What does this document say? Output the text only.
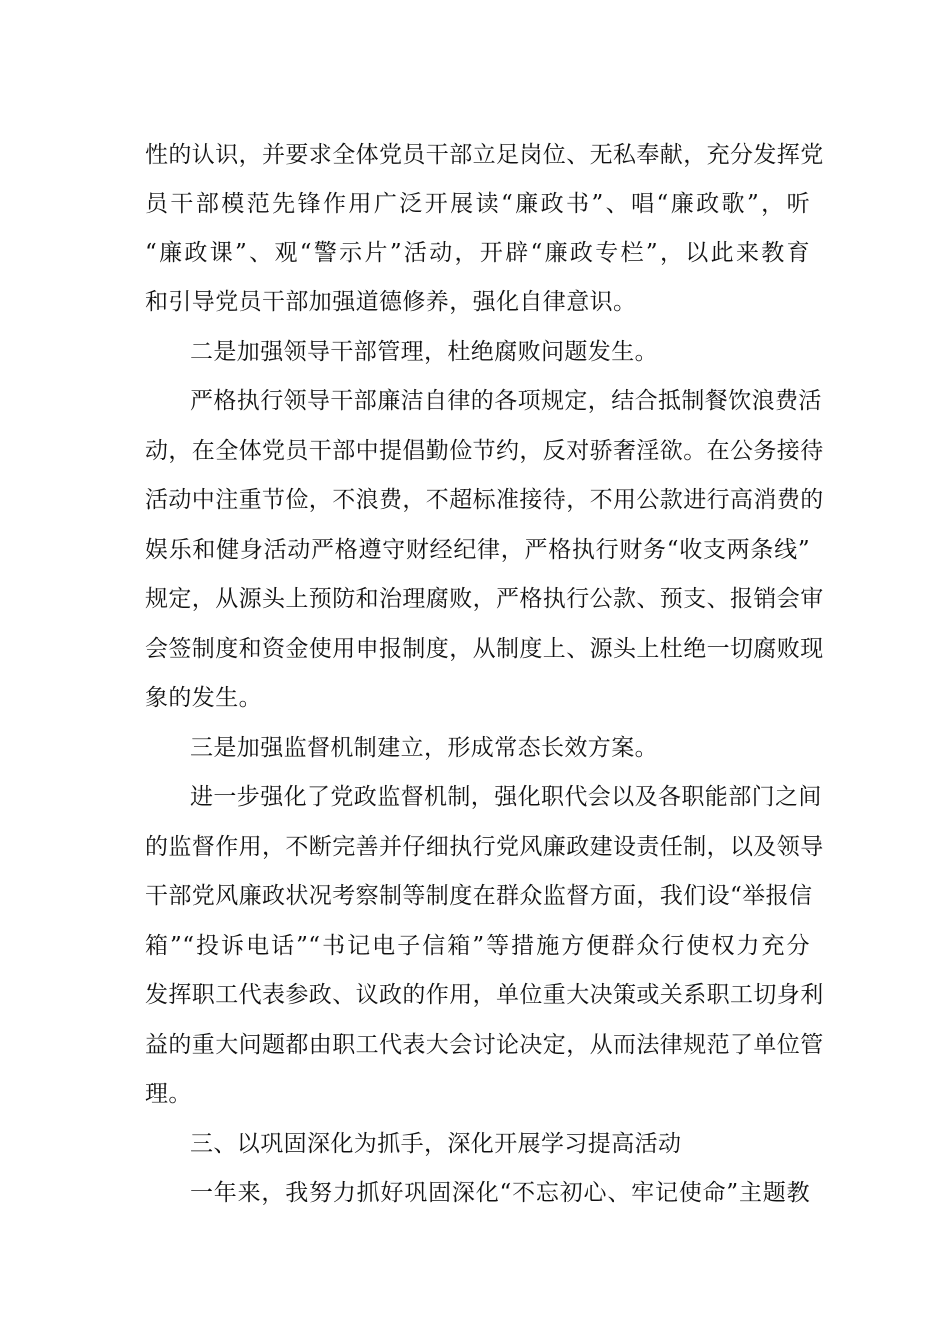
性的认识，并要求全体党员干部立足岗位、无私奉献，充分发挥党
员干部模范先锋作用广泛开展读“廉政书”、唱“廉政歌”，听
“廉政课”、观“警示片”活动，开辟“廉政专栏”，以此来教育
和引导党员干部加强道德修养，强化自律意识。
二是加强领导干部管理，杜绝腐败问题发生。
严格执行领导干部廉洁自律的各项规定，结合抵制餐饮浪费活
动，在全体党员干部中提倡勤俭节约，反对骄奢淫欲。在公务接待
活动中注重节俭，不浪费，不超标准接待，不用公款进行高消费的
娱乐和健身活动严格遵守财经纪律，严格执行财务“收支两条线”
规定，从源头上预防和治理腐败，严格执行公款、预支、报销会审
会签制度和资金使用申报制度，从制度上、源头上杜绝一切腐败现
象的发生。
三是加强监督机制建立，形成常态长效方案。
进一步强化了党政监督机制，强化职代会以及各职能部门之间
的监督作用，不断完善并仔细执行党风廉政建设责任制，以及领导
干部党风廉政状况考察制等制度在群众监督方面，我们设“举报信
箱”“投诉电话”“书记电子信箱”等措施方便群众行使权力充分
发挥职工代表参政、议政的作用，单位重大决策或关系职工切身利
益的重大问题都由职工代表大会讨论决定，从而法律规范了单位管
理。
三、以巩固深化为抓手，深化开展学习提高活动
一年来，我努力抓好巩固深化“不忘初心、牢记使命”主题教
